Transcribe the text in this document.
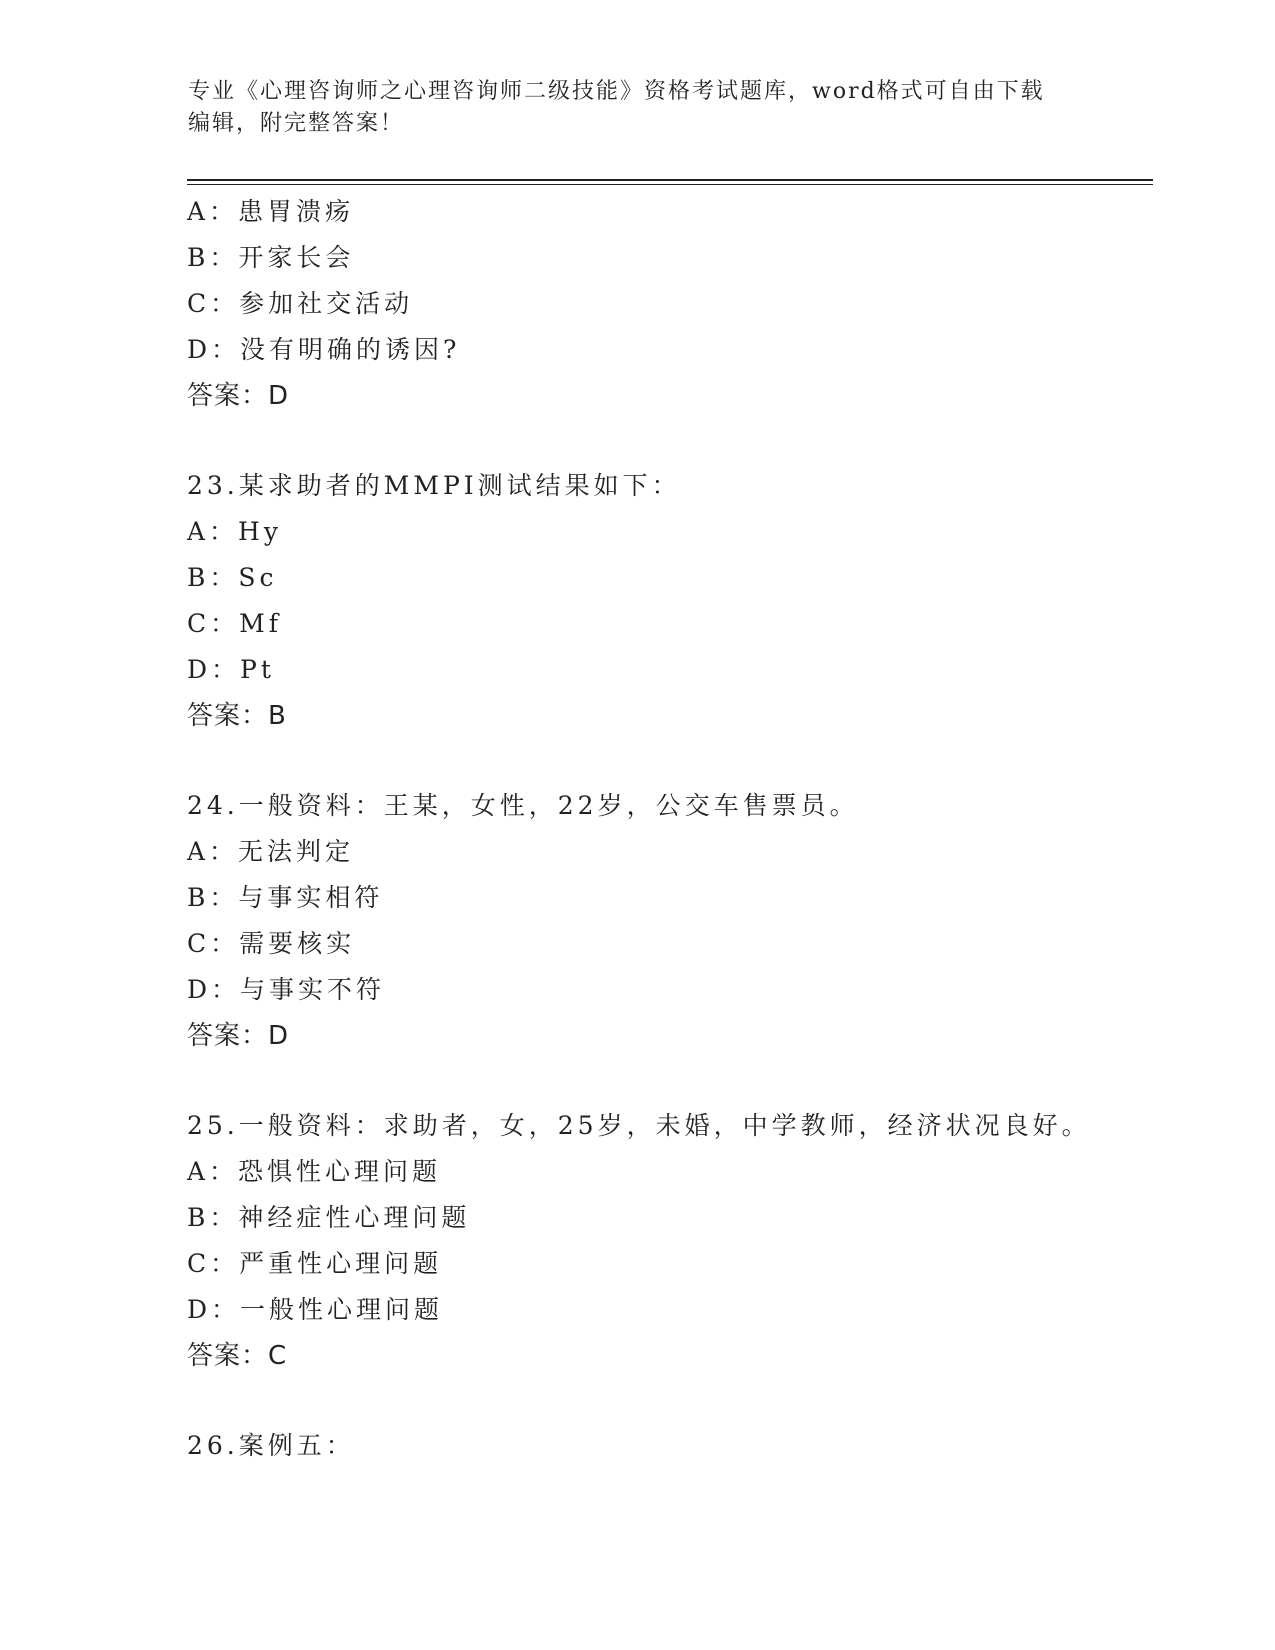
专业《心理咨询师之心理咨询师二级技能》资格考试题库，word格式可自由下载
编辑，附完整答案！
A：患胃溃疡
B：开家长会
C：参加社交活动
D：没有明确的诱因?
答案：D
23.某求助者的MMPI测试结果如下：
A：Hy
B：Sc
C：Mf
D：Pt
答案：B
24.一般资料：王某，女性，22岁，公交车售票员。
A：无法判定
B：与事实相符
C：需要核实
D：与事实不符
答案：D
25.一般资料：求助者，女，25岁，未婚，中学教师，经济状况良好。
A：恐惧性心理问题
B：神经症性心理问题
C：严重性心理问题
D：一般性心理问题
答案：C
26.案例五：
